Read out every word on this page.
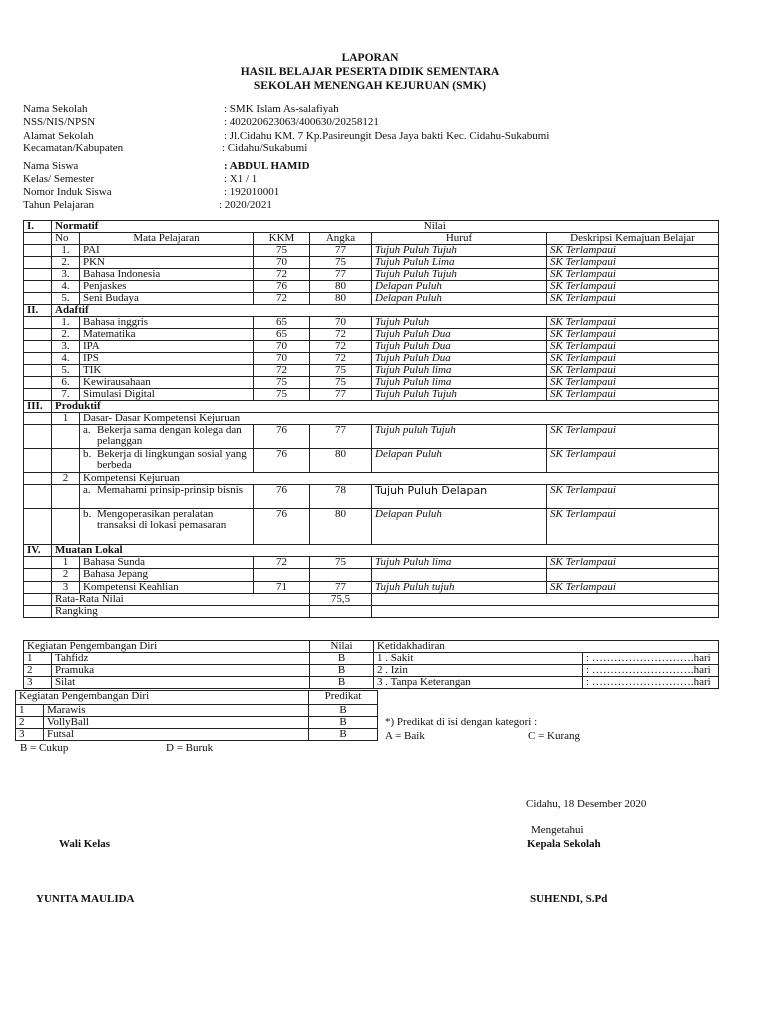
LAPORAN
HASIL BELAJAR PESERTA DIDIK SEMENTARA
SEKOLAH MENENGAH KEJURUAN (SMK)
Nama Sekolah	: SMK Islam As-salafiyah
NSS/NIS/NPSN	: 402020623063/400630/20258121
Alamat Sekolah	: Jl.Cidahu KM. 7 Kp.Pasireungit Desa Jaya bakti Kec. Cidahu-Sukabumi
Kecamatan/Kabupaten	: Cidahu/Sukabumi
Nama Siswa	: ABDUL HAMID
Kelas/ Semester	: X1 / 1
Nomor Induk Siswa	: 192010001
Tahun Pelajaran	: 2020/2021
I.	Normatif				Nilai	
	No	Mata Pelajaran	KKM	Angka	Huruf	Deskripsi Kemajuan Belajar
	1.	PAI	75	77	Tujuh Puluh Tujuh	SK Terlampaui
	2.	PKN	70	75	Tujuh Puluh Lima	SK Terlampaui
	3.	Bahasa Indonesia	72	77	Tujuh Puluh Tujuh	SK Terlampaui
	4.	Penjaskes	76	80	Delapan Puluh	SK Terlampaui
	5.	Seni Budaya	72	80	Delapan Puluh	SK Terlampaui
II.	Adaftif					
	1.	Bahasa inggris	65	70	Tujuh Puluh	SK Terlampaui
	2.	Matematika	65	72	Tujuh Puluh Dua	SK Terlampaui
	3.	IPA	70	72	Tujuh Puluh Dua	SK Terlampaui
	4.	IPS	70	72	Tujuh Puluh Dua	SK Terlampaui
	5.	TIK	72	75	Tujuh Puluh lima	SK Terlampaui
	6.	Kewirausahaan	75	75	Tujuh Puluh lima	SK Terlampaui
	7.	Simulasi Digital	75	77	Tujuh Puluh Tujuh	SK Terlampaui
III.	Produktif					
	1	Dasar- Dasar Kompetensi Kejuruan				

		a. Bekerja sama dengan kolega dan pelanggan	76	77	Tujuh puluh Tujuh	SK Terlampaui

		b. Bekerja di lingkungan sosial yang berbeda	76	80	Delapan Puluh	SK Terlampaui
	2	Kompetensi Kejuruan				

		a. Memahami prinsip-prinsip bisnis	76	78	Tujuh Puluh Delapan	SK Terlampaui

		b. Mengoperasikan peralatan transaksi di lokasi pemasaran	76	80	Delapan Puluh	SK Terlampaui
IV.	Muatan Lokal					
	1	Bahasa Sunda	72	75	Tujuh Puluh lima	SK Terlampaui
	2	Bahasa Jepang				
	3	Kompetensi Keahlian	71	77	Tujuh Puluh tujuh	SK Terlampaui
	Rata-Rata Nilai			75,5		
	Rangking					
Kegiatan Pengembangan Diri		Nilai	Ketidakhadiran	
1	Tahfidz	B	1 . Sakit	: ……………………….hari
2	Pramuka	B	2 . Izin	: ……………………….hari
3	Silat	B	3 . Tanpa Keterangan	: ……………………….hari
Kegiatan Pengembangan Diri		Predikat
1	Marawis	B
2	VollyBall	B
3	Futsal	B
*) Predikat di isi dengan kategori :
A = Baik	C = Kurang
B = Cukup	D = Buruk
Cidahu, 18 Desember 2020
Mengetahui
Wali Kelas	Kepala Sekolah
YUNITA MAULIDA	SUHENDI, S.Pd
